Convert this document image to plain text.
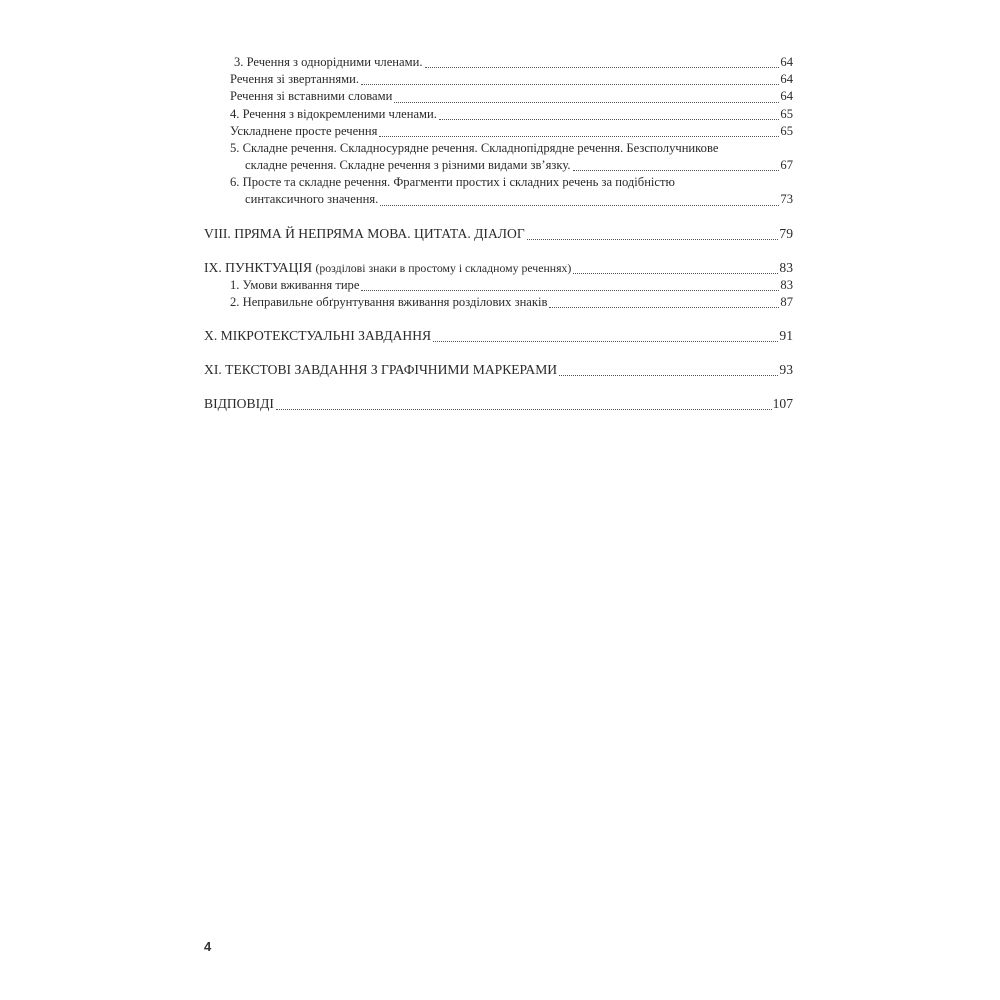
3. Речення з однорідними членами.	64
Речення зі звертаннями.	64
Речення зі вставними словами	64
4. Речення з відокремленими членами.	65
Ускладнене просте речення	65
5. Складне речення. Складносурядне речення. Складнопідрядне речення. Безсполучникове
складне речення. Складне речення з різними видами зв’язку.	67
6. Просте та складне речення. Фрагменти простих і складних речень за подібністю
синтаксичного значення.	73
VIII. ПРЯМА Й НЕПРЯМА МОВА. ЦИТАТА. ДІАЛОГ	79
IX. ПУНКТУАЦІЯ (розділові знаки в простому і складному реченнях)	83
1. Умови вживання тире	83
2. Неправильне обґрунтування вживання розділових знаків	87
X. МІКРОТЕКСТУАЛЬНІ ЗАВДАННЯ	91
XI. ТЕКСТОВІ ЗАВДАННЯ З ГРАФІЧНИМИ МАРКЕРАМИ	93
ВІДПОВІДІ	107
4
